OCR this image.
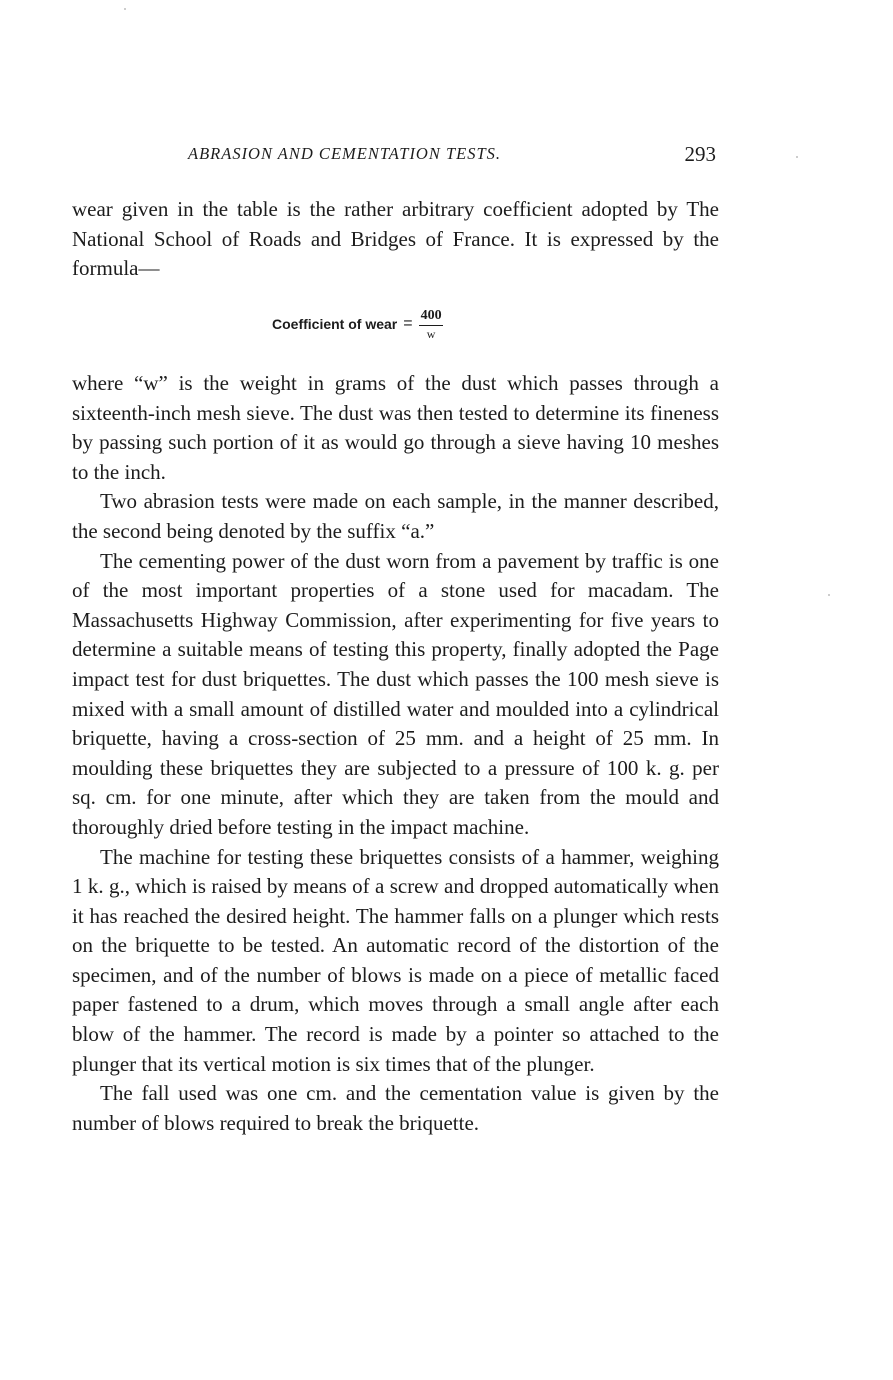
ABRASION AND CEMENTATION TESTS.	293

wear given in the table is the rather arbitrary coefficient adopted by The National School of Roads and Bridges of France. It is expressed by the formula—

Coefficient of wear = $\frac{400}{w}$

where “w” is the weight in grams of the dust which passes through a sixteenth-inch mesh sieve. The dust was then tested to determine its fineness by passing such portion of it as would go through a sieve having 10 meshes to the inch.

Two abrasion tests were made on each sample, in the manner described, the second being denoted by the suffix “a.”

The cementing power of the dust worn from a pavement by traffic is one of the most important properties of a stone used for macadam. The Massachusetts Highway Commission, after experimenting for five years to determine a suitable means of testing this property, finally adopted the Page impact test for dust briquettes. The dust which passes the 100 mesh sieve is mixed with a small amount of distilled water and moulded into a cylindrical briquette, having a cross-section of 25 mm. and a height of 25 mm. In moulding these briquettes they are subjected to a pressure of 100 k. g. per sq. cm. for one minute, after which they are taken from the mould and thoroughly dried before testing in the impact machine.

The machine for testing these briquettes consists of a hammer, weighing 1 k. g., which is raised by means of a screw and dropped automatically when it has reached the desired height. The hammer falls on a plunger which rests on the briquette to be tested. An automatic record of the distortion of the specimen, and of the number of blows is made on a piece of metallic faced paper fastened to a drum, which moves through a small angle after each blow of the hammer. The record is made by a pointer so attached to the plunger that its vertical motion is six times that of the plunger.

The fall used was one cm. and the cementation value is given by the number of blows required to break the briquette.
